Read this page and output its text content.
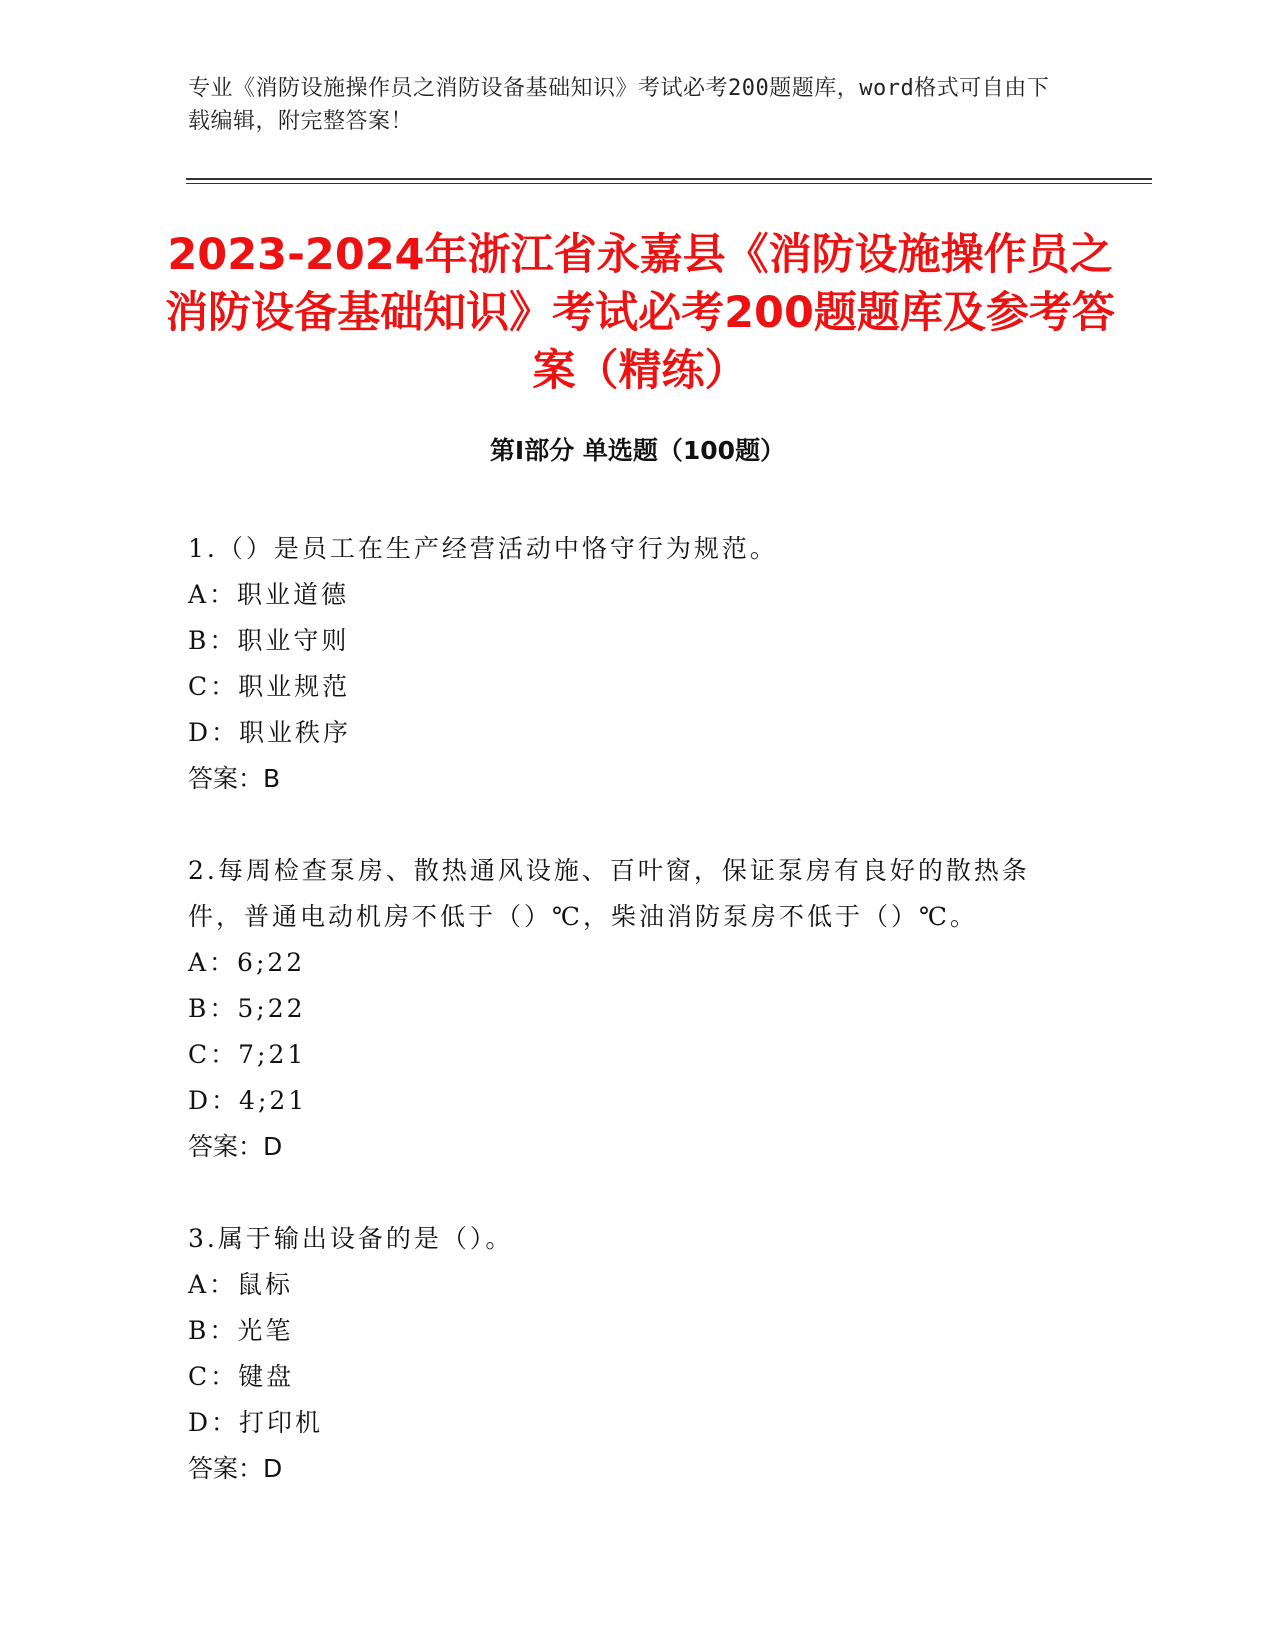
专业《消防设施操作员之消防设备基础知识》考试必考200题题库，word格式可自由下载编辑，附完整答案！
2023-2024年浙江省永嘉县《消防设施操作员之消防设备基础知识》考试必考200题题库及参考答案（精练）
第I部分 单选题（100题）
1.（）是员工在生产经营活动中恪守行为规范。
A：职业道德
B：职业守则
C：职业规范
D：职业秩序
答案：B
2.每周检查泵房、散热通风设施、百叶窗，保证泵房有良好的散热条件，普通电动机房不低于（）℃，柴油消防泵房不低于（）℃。
A：6;22
B：5;22
C：7;21
D：4;21
答案：D
3.属于输出设备的是（）。
A：鼠标
B：光笔
C：键盘
D：打印机
答案：D
